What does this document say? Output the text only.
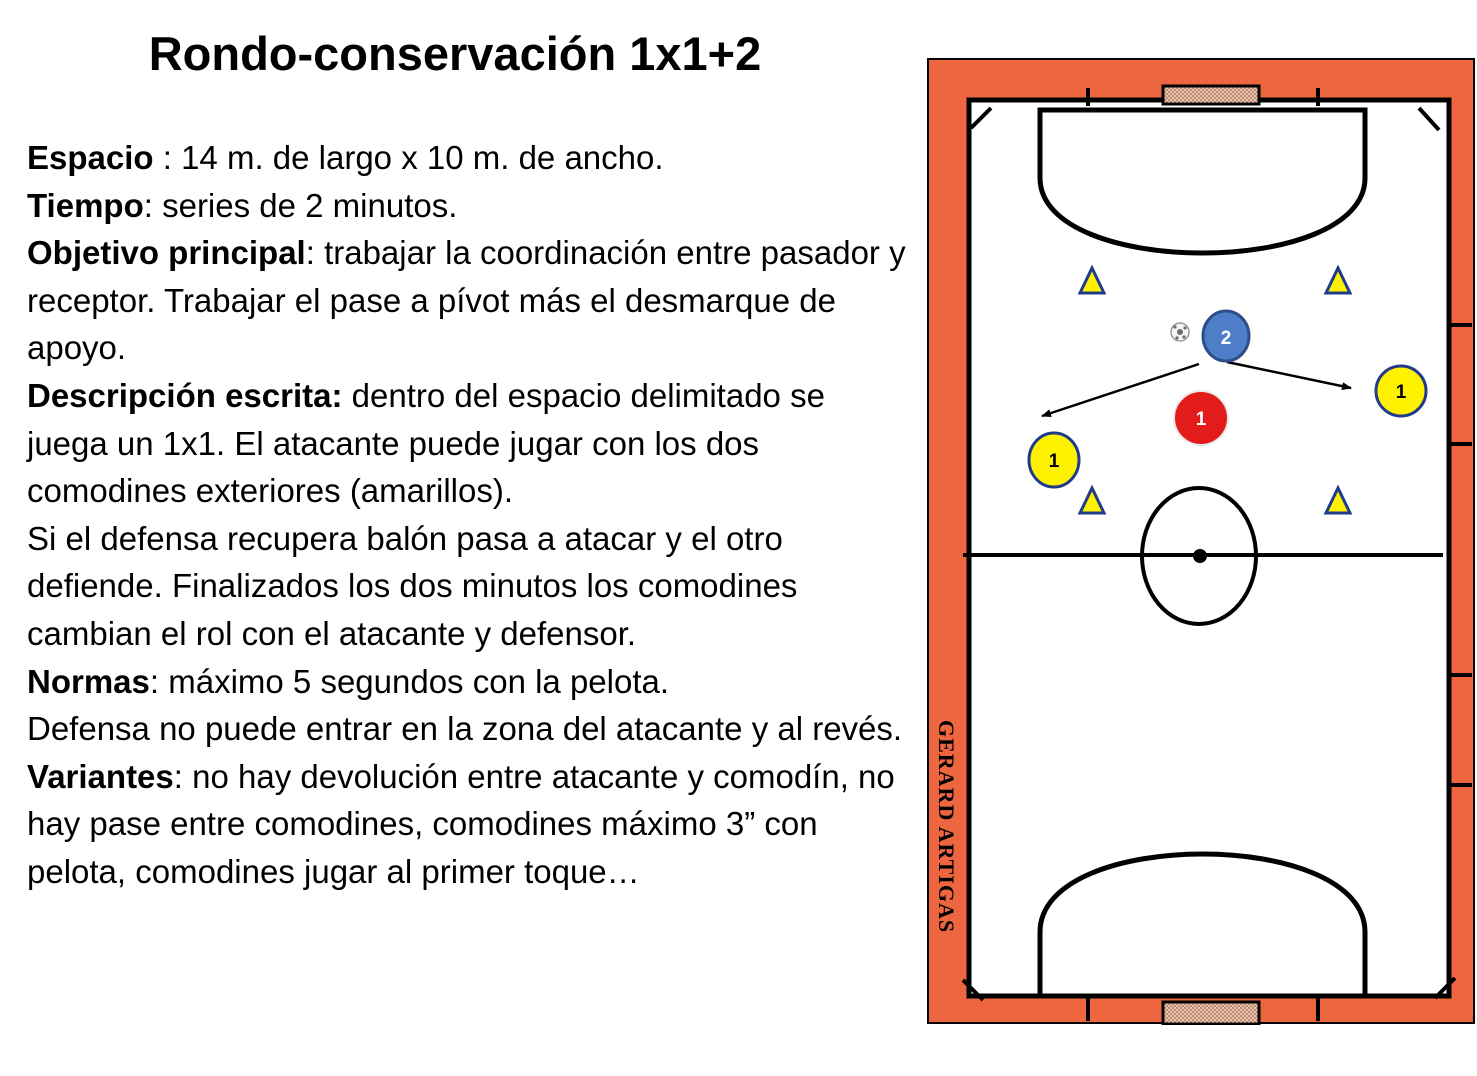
Rondo-conservación 1x1+2

Espacio : 14 m. de largo x 10 m. de ancho.

Tiempo: series de 2 minutos.

Objetivo principal: trabajar la coordinación entre pasador y receptor. Trabajar el pase a pívot más el desmarque de apoyo.

Descripción escrita: dentro del espacio delimitado se juega un 1x1. El atacante puede jugar con los dos comodines exteriores (amarillos).

Si el defensa recupera balón pasa a atacar y el otro defiende. Finalizados los dos minutos los comodines cambian el rol con el atacante y defensor.

Normas: máximo 5 segundos con la pelota.

Defensa no puede entrar en la zona del atacante y al revés.

Variantes: no hay devolución entre atacante y comodín, no hay pase entre comodines, comodines máximo 3” con pelota, comodines jugar al primer toque…

2
1
1
1
GERARD ARTIGAS
